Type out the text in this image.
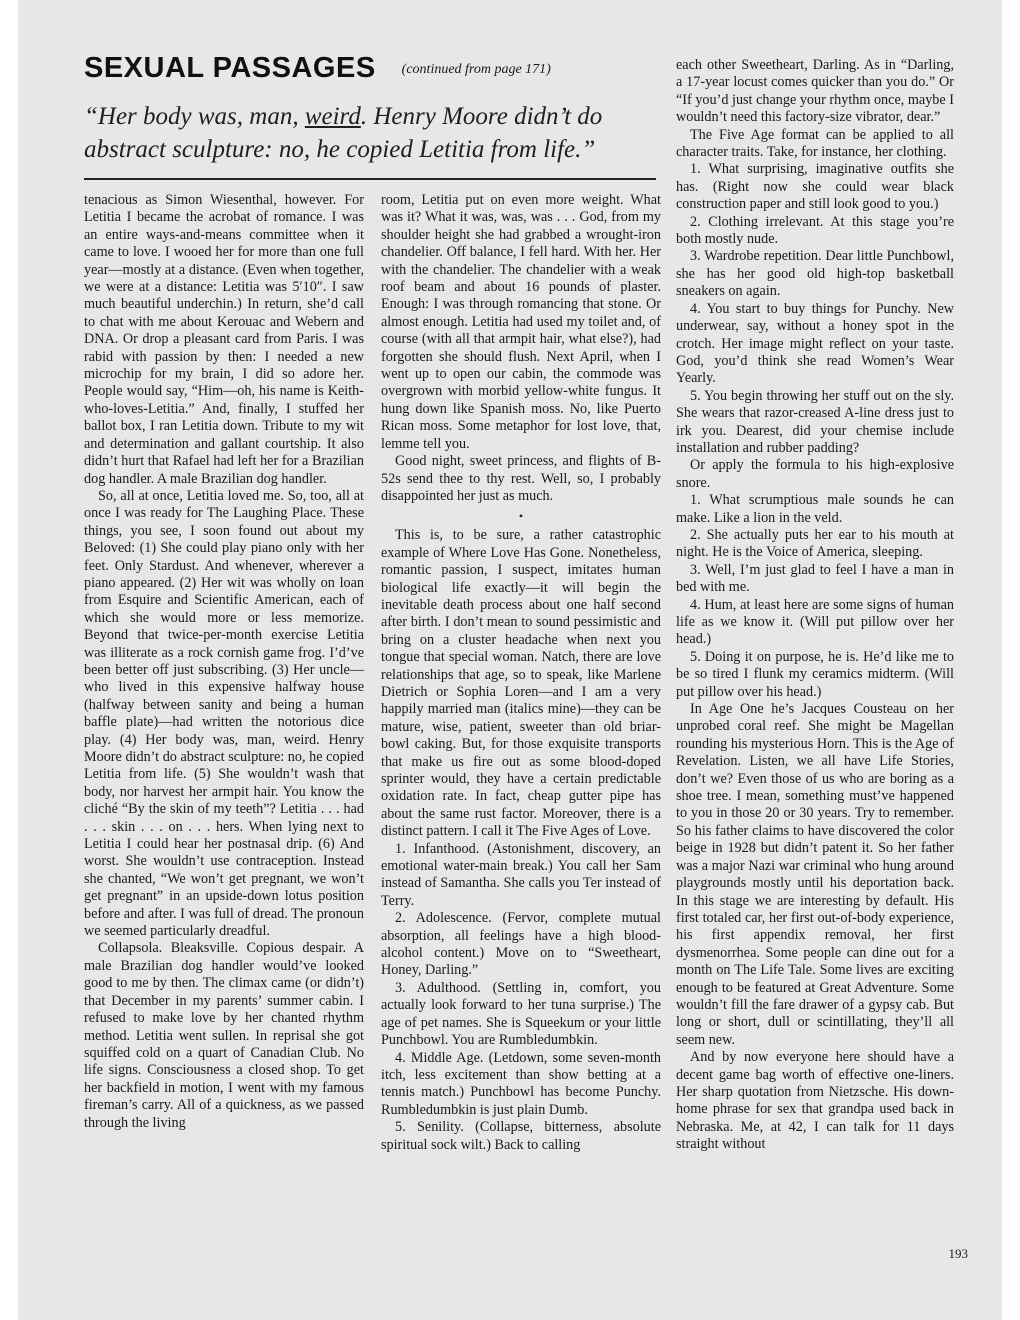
SEXUAL PASSAGES (continued from page 171)
“Her body was, man, weird. Henry Moore didn’t do abstract sculpture: no, he copied Letitia from life.”

tenacious as Simon Wiesenthal, however. For Letitia I became the acrobat of romance. I was an entire ways-and-means committee when it came to love. I wooed her for more than one full year—mostly at a distance. (Even when together, we were at a distance: Letitia was 5′10″. I saw much beautiful underchin.) In return, she’d call to chat with me about Kerouac and Webern and DNA. Or drop a pleasant card from Paris. I was rabid with passion by then: I needed a new microchip for my brain, I did so adore her. People would say, “Him—oh, his name is Keith-who-loves-Letitia.” And, finally, I stuffed her ballot box, I ran Letitia down. Tribute to my wit and determination and gallant courtship. It also didn’t hurt that Rafael had left her for a Brazilian dog handler. A male Brazilian dog handler.

So, all at once, Letitia loved me. So, too, all at once I was ready for The Laughing Place. These things, you see, I soon found out about my Beloved: (1) She could play piano only with her feet. Only Stardust. And whenever, wherever a piano appeared. (2) Her wit was wholly on loan from Esquire and Scientific American, each of which she would more or less memorize. Beyond that twice-per-month exercise Letitia was illiterate as a rock cornish game frog. I’d’ve been better off just subscribing. (3) Her uncle—who lived in this expensive halfway house (halfway between sanity and being a human baffle plate)—had written the notorious dice play. (4) Her body was, man, weird. Henry Moore didn’t do abstract sculpture: no, he copied Letitia from life. (5) She wouldn’t wash that body, nor harvest her armpit hair. You know the cliché “By the skin of my teeth”? Letitia . . . had . . . skin . . . on . . . hers. When lying next to Letitia I could hear her postnasal drip. (6) And worst. She wouldn’t use contraception. Instead she chanted, “We won’t get pregnant, we won’t get pregnant” in an upside-down lotus position before and after. I was full of dread. The pronoun we seemed particularly dreadful.

Collapsola. Bleaksville. Copious despair. A male Brazilian dog handler would’ve looked good to me by then. The climax came (or didn’t) that December in my parents’ summer cabin. I refused to make love by her chanted rhythm method. Letitia went sullen. In reprisal she got squiffed cold on a quart of Canadian Club. No life signs. Consciousness a closed shop. To get her backfield in motion, I went with my famous fireman’s carry. All of a quickness, as we passed through the living

room, Letitia put on even more weight. What was it? What it was, was, was . . . God, from my shoulder height she had grabbed a wrought-iron chandelier. Off balance, I fell hard. With her. Her with the chandelier. The chandelier with a weak roof beam and about 16 pounds of plaster. Enough: I was through romancing that stone. Or almost enough. Letitia had used my toilet and, of course (with all that armpit hair, what else?), had forgotten she should flush. Next April, when I went up to open our cabin, the commode was overgrown with morbid yellow-white fungus. It hung down like Spanish moss. No, like Puerto Rican moss. Some metaphor for lost love, that, lemme tell you.

Good night, sweet princess, and flights of B-52s send thee to thy rest. Well, so, I probably disappointed her just as much.

•

This is, to be sure, a rather catastrophic example of Where Love Has Gone. Nonetheless, romantic passion, I suspect, imitates human biological life exactly—it will begin the inevitable death process about one half second after birth. I don’t mean to sound pessimistic and bring on a cluster headache when next you tongue that special woman. Natch, there are love relationships that age, so to speak, like Marlene Dietrich or Sophia Loren—and I am a very happily married man (italics mine)—they can be mature, wise, patient, sweeter than old briar-bowl caking. But, for those exquisite transports that make us fire out as some blood-doped sprinter would, they have a certain predictable oxidation rate. In fact, cheap gutter pipe has about the same rust factor. Moreover, there is a distinct pattern. I call it The Five Ages of Love.

1. Infanthood. (Astonishment, discovery, an emotional water-main break.) You call her Sam instead of Samantha. She calls you Ter instead of Terry.

2. Adolescence. (Fervor, complete mutual absorption, all feelings have a high blood-alcohol content.) Move on to “Sweetheart, Honey, Darling.”

3. Adulthood. (Settling in, comfort, you actually look forward to her tuna surprise.) The age of pet names. She is Squeekum or your little Punchbowl. You are Rumbledumbkin.

4. Middle Age. (Letdown, some seven-month itch, less excitement than show betting at a tennis match.) Punchbowl has become Punchy. Rumbledumbkin is just plain Dumb.

5. Senility. (Collapse, bitterness, absolute spiritual sock wilt.) Back to calling

each other Sweetheart, Darling. As in “Darling, a 17-year locust comes quicker than you do.” Or “If you’d just change your rhythm once, maybe I wouldn’t need this factory-size vibrator, dear.”

The Five Age format can be applied to all character traits. Take, for instance, her clothing.

1. What surprising, imaginative outfits she has. (Right now she could wear black construction paper and still look good to you.)

2. Clothing irrelevant. At this stage you’re both mostly nude.

3. Wardrobe repetition. Dear little Punchbowl, she has her good old high-top basketball sneakers on again.

4. You start to buy things for Punchy. New underwear, say, without a honey spot in the crotch. Her image might reflect on your taste. God, you’d think she read Women’s Wear Yearly.

5. You begin throwing her stuff out on the sly. She wears that razor-creased A-line dress just to irk you. Dearest, did your chemise include installation and rubber padding?

Or apply the formula to his high-explosive snore.

1. What scrumptious male sounds he can make. Like a lion in the veld.

2. She actually puts her ear to his mouth at night. He is the Voice of America, sleeping.

3. Well, I’m just glad to feel I have a man in bed with me.

4. Hum, at least here are some signs of human life as we know it. (Will put pillow over her head.)

5. Doing it on purpose, he is. He’d like me to be so tired I flunk my ceramics midterm. (Will put pillow over his head.)

In Age One he’s Jacques Cousteau on her unprobed coral reef. She might be Magellan rounding his mysterious Horn. This is the Age of Revelation. Listen, we all have Life Stories, don’t we? Even those of us who are boring as a shoe tree. I mean, something must’ve happened to you in those 20 or 30 years. Try to remember. So his father claims to have discovered the color beige in 1928 but didn’t patent it. So her father was a major Nazi war criminal who hung around playgrounds mostly until his deportation back. In this stage we are interesting by default. His first totaled car, her first out-of-body experience, his first appendix removal, her first dysmenorrhea. Some people can dine out for a month on The Life Tale. Some lives are exciting enough to be featured at Great Adventure. Some wouldn’t fill the fare drawer of a gypsy cab. But long or short, dull or scintillating, they’ll all seem new.

And by now everyone here should have a decent game bag worth of effective one-liners. Her sharp quotation from Nietzsche. His down-home phrase for sex that grandpa used back in Nebraska. Me, at 42, I can talk for 11 days straight without

193
